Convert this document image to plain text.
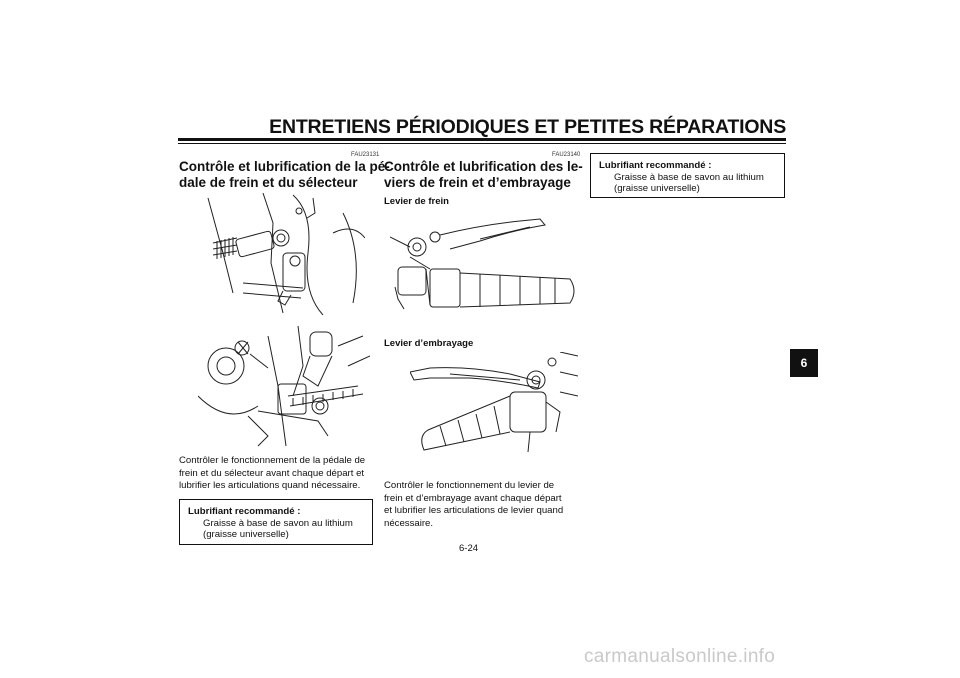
ENTRETIENS PÉRIODIQUES ET PETITES RÉPARATIONS
FAU23131
Contrôle et lubrification de la pé-
dale de frein et du sélecteur
Contrôler le fonctionnement de la pédale de
frein et du sélecteur avant chaque départ et
lubrifier les articulations quand nécessaire.
Lubrifiant recommandé :
Graisse à base de savon au lithium
(graisse universelle)
FAU23140
Contrôle et lubrification des le-
viers de frein et d’embrayage
Levier de frein
Levier d’embrayage
Contrôler le fonctionnement du levier de
frein et d’embrayage avant chaque départ
et lubrifier les articulations de levier quand
nécessaire.
Lubrifiant recommandé :
Graisse à base de savon au lithium
(graisse universelle)
6
6-24
carmanualsonline.info
